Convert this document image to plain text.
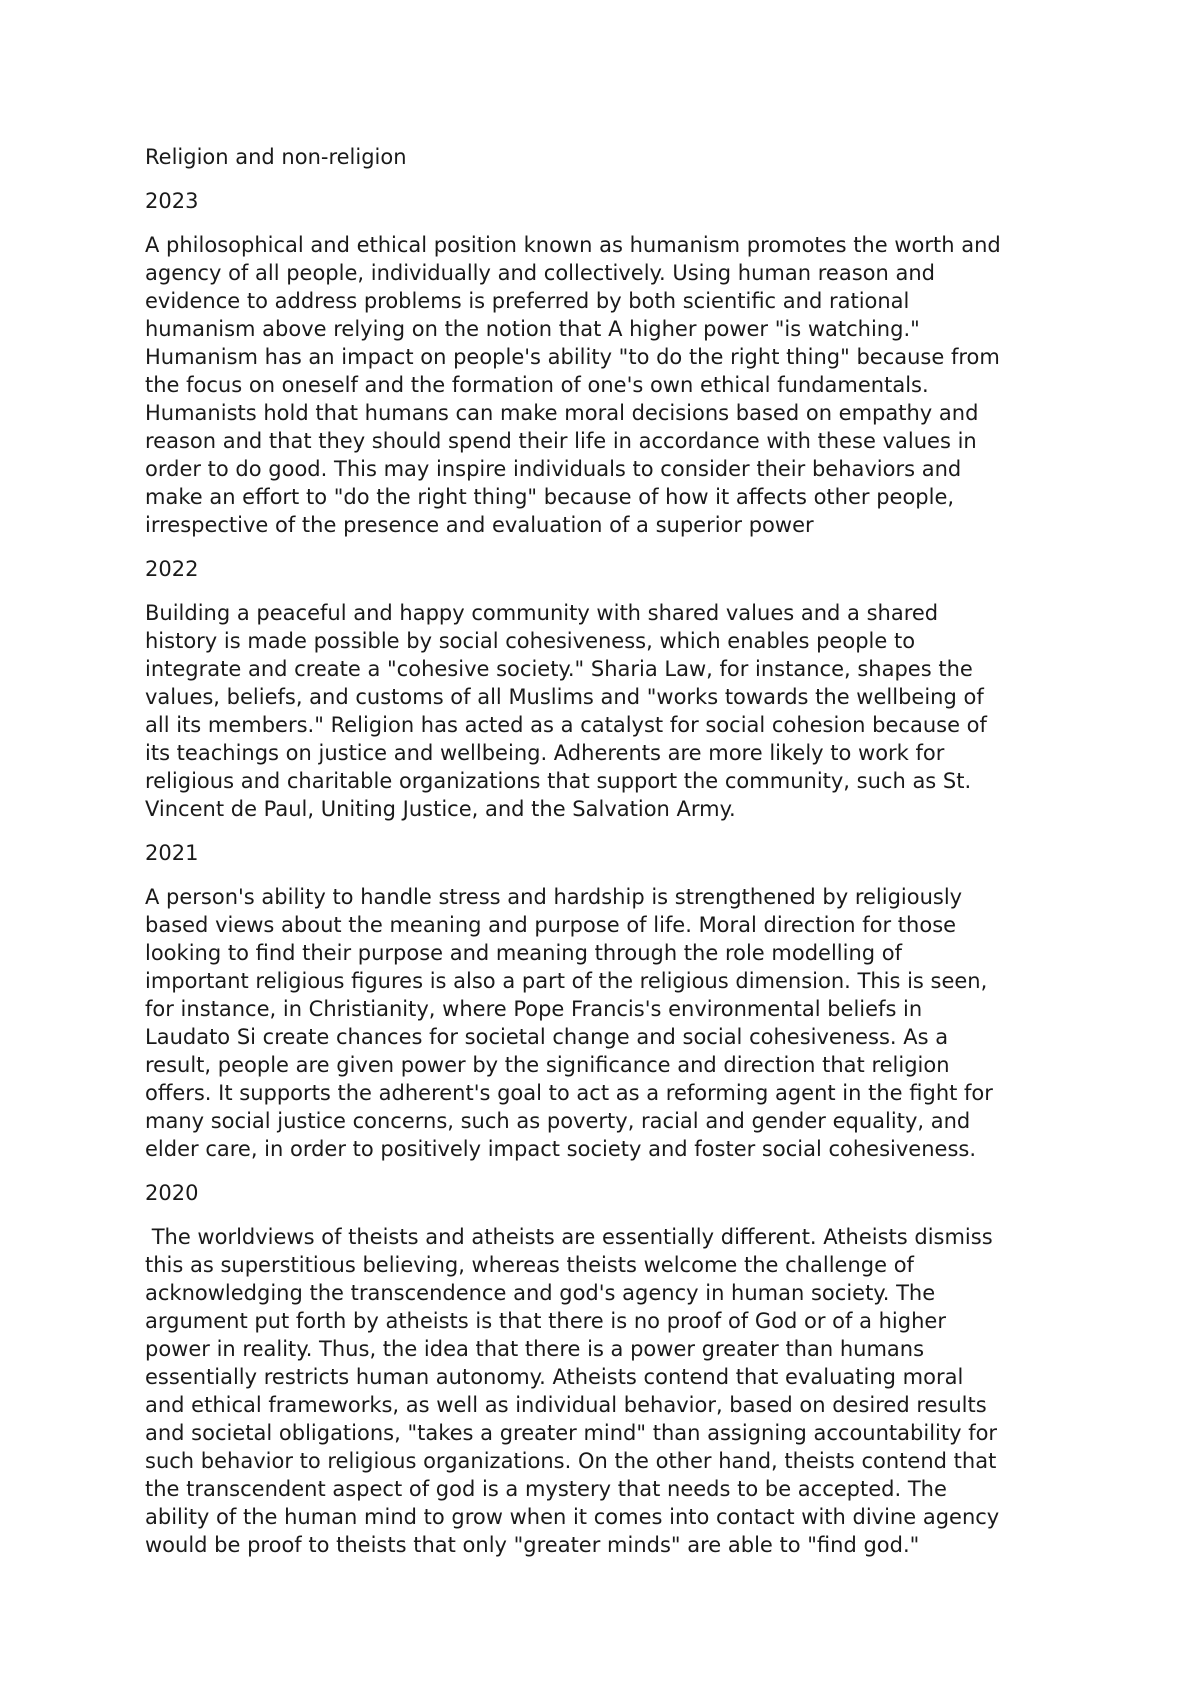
Religion and non-religion

2023

A philosophical and ethical position known as humanism promotes the worth and
agency of all people, individually and collectively. Using human reason and
evidence to address problems is preferred by both scientific and rational
humanism above relying on the notion that A higher power "is watching."
Humanism has an impact on people's ability "to do the right thing" because from
the focus on oneself and the formation of one's own ethical fundamentals.
Humanists hold that humans can make moral decisions based on empathy and
reason and that they should spend their life in accordance with these values in
order to do good. This may inspire individuals to consider their behaviors and
make an effort to "do the right thing" because of how it affects other people,
irrespective of the presence and evaluation of a superior power

2022

Building a peaceful and happy community with shared values and a shared
history is made possible by social cohesiveness, which enables people to
integrate and create a "cohesive society." Sharia Law, for instance, shapes the
values, beliefs, and customs of all Muslims and "works towards the wellbeing of
all its members." Religion has acted as a catalyst for social cohesion because of
its teachings on justice and wellbeing. Adherents are more likely to work for
religious and charitable organizations that support the community, such as St.
Vincent de Paul, Uniting Justice, and the Salvation Army.

2021

A person's ability to handle stress and hardship is strengthened by religiously
based views about the meaning and purpose of life. Moral direction for those
looking to find their purpose and meaning through the role modelling of
important religious figures is also a part of the religious dimension. This is seen,
for instance, in Christianity, where Pope Francis's environmental beliefs in
Laudato Si create chances for societal change and social cohesiveness. As a
result, people are given power by the significance and direction that religion
offers. It supports the adherent's goal to act as a reforming agent in the fight for
many social justice concerns, such as poverty, racial and gender equality, and
elder care, in order to positively impact society and foster social cohesiveness.

2020

The worldviews of theists and atheists are essentially different. Atheists dismiss
this as superstitious believing, whereas theists welcome the challenge of
acknowledging the transcendence and god's agency in human society. The
argument put forth by atheists is that there is no proof of God or of a higher
power in reality. Thus, the idea that there is a power greater than humans
essentially restricts human autonomy. Atheists contend that evaluating moral
and ethical frameworks, as well as individual behavior, based on desired results
and societal obligations, "takes a greater mind" than assigning accountability for
such behavior to religious organizations. On the other hand, theists contend that
the transcendent aspect of god is a mystery that needs to be accepted. The
ability of the human mind to grow when it comes into contact with divine agency
would be proof to theists that only "greater minds" are able to "find god."
